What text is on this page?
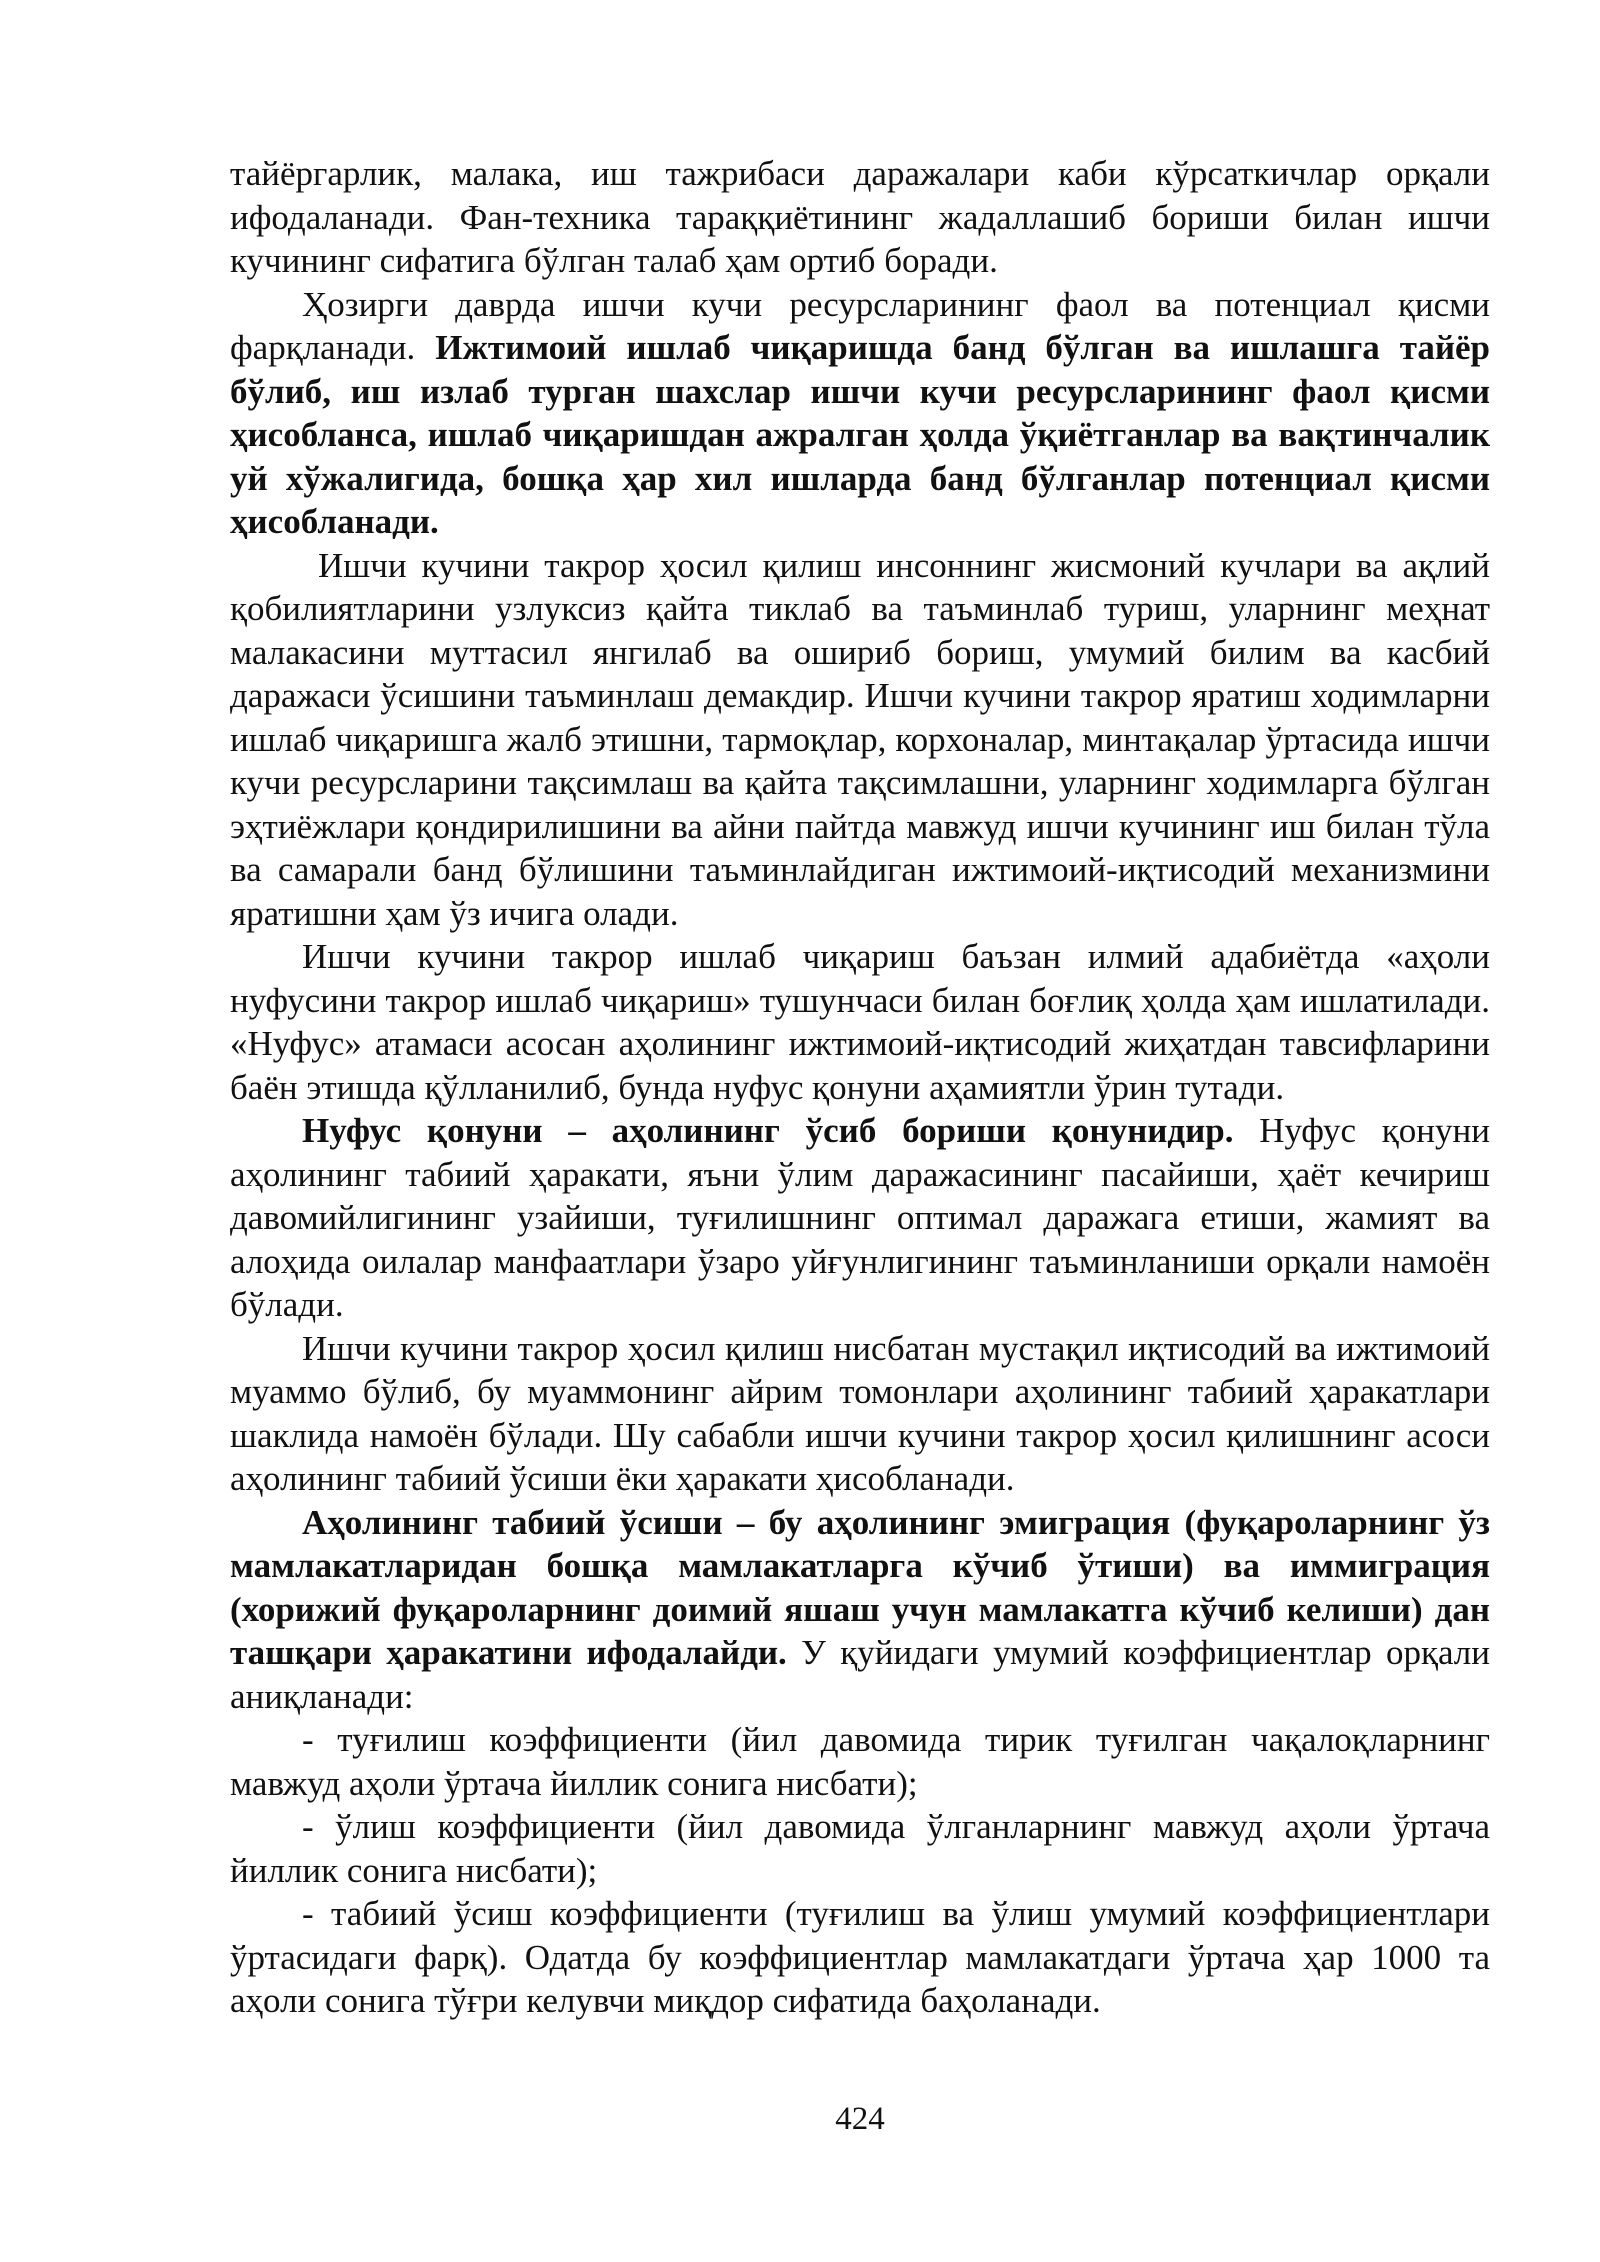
тайёргарлик, малака, иш тажрибаси даражалари каби кўрсаткичлар орқали ифодаланади. Фан-техника тараққиётининг жадаллашиб бориши билан ишчи кучининг сифатига бўлган талаб ҳам ортиб боради.

Ҳозирги даврда ишчи кучи ресурсларининг фаол ва потенциал қисми фарқланади. Ижтимоий ишлаб чиқаришда банд бўлган ва ишлашга тайёр бўлиб, иш излаб турган шахслар ишчи кучи ресурсларининг фаол қисми ҳисобланса, ишлаб чиқаришдан ажралган ҳолда ўқиётганлар ва вақтинчалик уй хўжалигида, бошқа ҳар хил ишларда банд бўлганлар потенциал қисми ҳисобланади.

Ишчи кучини такрор ҳосил қилиш инсоннинг жисмоний кучлари ва ақлий қобилиятларини узлуксиз қайта тиклаб ва таъминлаб туриш, уларнинг меҳнат малакасини муттасил янгилаб ва ошириб бориш, умумий билим ва касбий даражаси ўсишини таъминлаш демакдир. Ишчи кучини такрор яратиш ходимларни ишлаб чиқаришга жалб этишни, тармоқлар, корхоналар, минтақалар ўртасида ишчи кучи ресурсларини тақсимлаш ва қайта тақсимлашни, уларнинг ходимларга бўлган эҳтиёжлари қондирилишини ва айни пайтда мавжуд ишчи кучининг иш билан тўла ва самарали банд бўлишини таъминлайдиган ижтимоий-иқтисодий механизмини яратишни ҳам ўз ичига олади.

Ишчи кучини такрор ишлаб чиқариш баъзан илмий адабиётда «аҳоли нуфусини такрор ишлаб чиқариш» тушунчаси билан боғлиқ ҳолда ҳам ишлатилади. «Нуфус» атамаси асосан аҳолининг ижтимоий-иқтисодий жиҳатдан тавсифларини баён этишда қўлланилиб, бунда нуфус қонуни аҳамиятли ўрин тутади.

Нуфус қонуни – аҳолининг ўсиб бориши қонунидир. Нуфус қонуни аҳолининг табиий ҳаракати, яъни ўлим даражасининг пасайиши, ҳаёт кечириш давомийлигининг узайиши, туғилишнинг оптимал даражага етиши, жамият ва алоҳида оилалар манфаатлари ўзаро уйғунлигининг таъминланиши орқали намоён бўлади.

Ишчи кучини такрор ҳосил қилиш нисбатан мустақил иқтисодий ва ижтимоий муаммо бўлиб, бу муаммонинг айрим томонлари аҳолининг табиий ҳаракатлари шаклида намоён бўлади. Шу сабабли ишчи кучини такрор ҳосил қилишнинг асоси аҳолининг табиий ўсиши ёки ҳаракати ҳисобланади.

Аҳолининг табиий ўсиши – бу аҳолининг эмиграция (фуқароларнинг ўз мамлакатларидан бошқа мамлакатларга кўчиб ўтиши) ва иммиграция (хорижий фуқароларнинг доимий яшаш учун мамлакатга кўчиб келиши) дан ташқари ҳаракатини ифодалайди. У қуйидаги умумий коэффициентлар орқали аниқланади:

- туғилиш коэффициенти (йил давомида тирик туғилган чақалоқларнинг мавжуд аҳоли ўртача йиллик сонига нисбати);

- ўлиш коэффициенти (йил давомида ўлганларнинг мавжуд аҳоли ўртача йиллик сонига нисбати);

- табиий ўсиш коэффициенти (туғилиш ва ўлиш умумий коэффициентлари ўртасидаги фарқ). Одатда бу коэффициентлар мамлакатдаги ўртача ҳар 1000 та аҳоли сонига тўғри келувчи миқдор сифатида баҳоланади.

424
